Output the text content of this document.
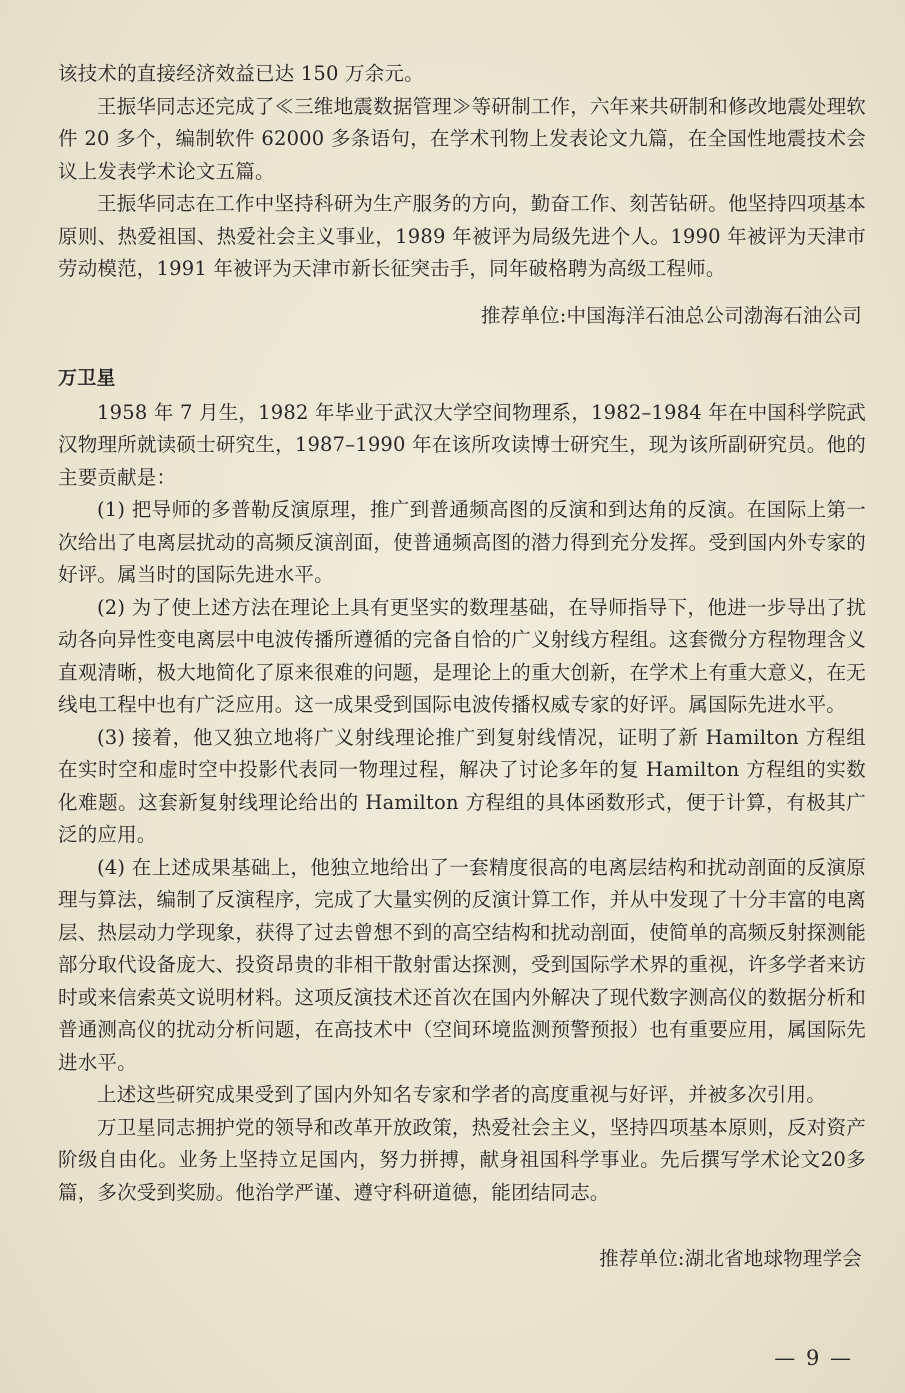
该技术的直接经济效益已达 150 万余元。

王振华同志还完成了≪三维地震数据管理≫等研制工作，六年来共研制和修改地震处理软件 20 多个，编制软件 62000 多条语句，在学术刊物上发表论文九篇，在全国性地震技术会议上发表学术论文五篇。

王振华同志在工作中坚持科研为生产服务的方向，勤奋工作、刻苦钻研。他坚持四项基本原则、热爱祖国、热爱社会主义事业，1989 年被评为局级先进个人。1990 年被评为天津市劳动模范，1991 年被评为天津市新长征突击手，同年破格聘为高级工程师。

推荐单位:中国海洋石油总公司渤海石油公司

万卫星

1958 年 7 月生，1982 年毕业于武汉大学空间物理系，1982–1984 年在中国科学院武汉物理所就读硕士研究生，1987–1990 年在该所攻读博士研究生，现为该所副研究员。他的主要贡献是：

(1) 把导师的多普勒反演原理，推广到普通频高图的反演和到达角的反演。在国际上第一次给出了电离层扰动的高频反演剖面，使普通频高图的潜力得到充分发挥。受到国内外专家的好评。属当时的国际先进水平。

(2) 为了使上述方法在理论上具有更坚实的数理基础，在导师指导下，他进一步导出了扰动各向异性变电离层中电波传播所遵循的完备自恰的广义射线方程组。这套微分方程物理含义直观清晰，极大地简化了原来很难的问题，是理论上的重大创新，在学术上有重大意义，在无线电工程中也有广泛应用。这一成果受到国际电波传播权威专家的好评。属国际先进水平。

(3) 接着，他又独立地将广义射线理论推广到复射线情况，证明了新 Hamilton 方程组在实时空和虚时空中投影代表同一物理过程，解决了讨论多年的复 Hamilton 方程组的实数化难题。这套新复射线理论给出的 Hamilton 方程组的具体函数形式，便于计算，有极其广泛的应用。

(4) 在上述成果基础上，他独立地给出了一套精度很高的电离层结构和扰动剖面的反演原理与算法，编制了反演程序，完成了大量实例的反演计算工作，并从中发现了十分丰富的电离层、热层动力学现象，获得了过去曾想不到的高空结构和扰动剖面，使简单的高频反射探测能部分取代设备庞大、投资昂贵的非相干散射雷达探测，受到国际学术界的重视，许多学者来访时或来信索英文说明材料。这项反演技术还首次在国内外解决了现代数字测高仪的数据分析和普通测高仪的扰动分析问题，在高技术中（空间环境监测预警预报）也有重要应用，属国际先进水平。

上述这些研究成果受到了国内外知名专家和学者的高度重视与好评，并被多次引用。

万卫星同志拥护党的领导和改革开放政策，热爱社会主义，坚持四项基本原则，反对资产阶级自由化。业务上坚持立足国内，努力拼搏，献身祖国科学事业。先后撰写学术论文20多篇，多次受到奖励。他治学严谨、遵守科研道德，能团结同志。

推荐单位:湖北省地球物理学会

— 9 —
